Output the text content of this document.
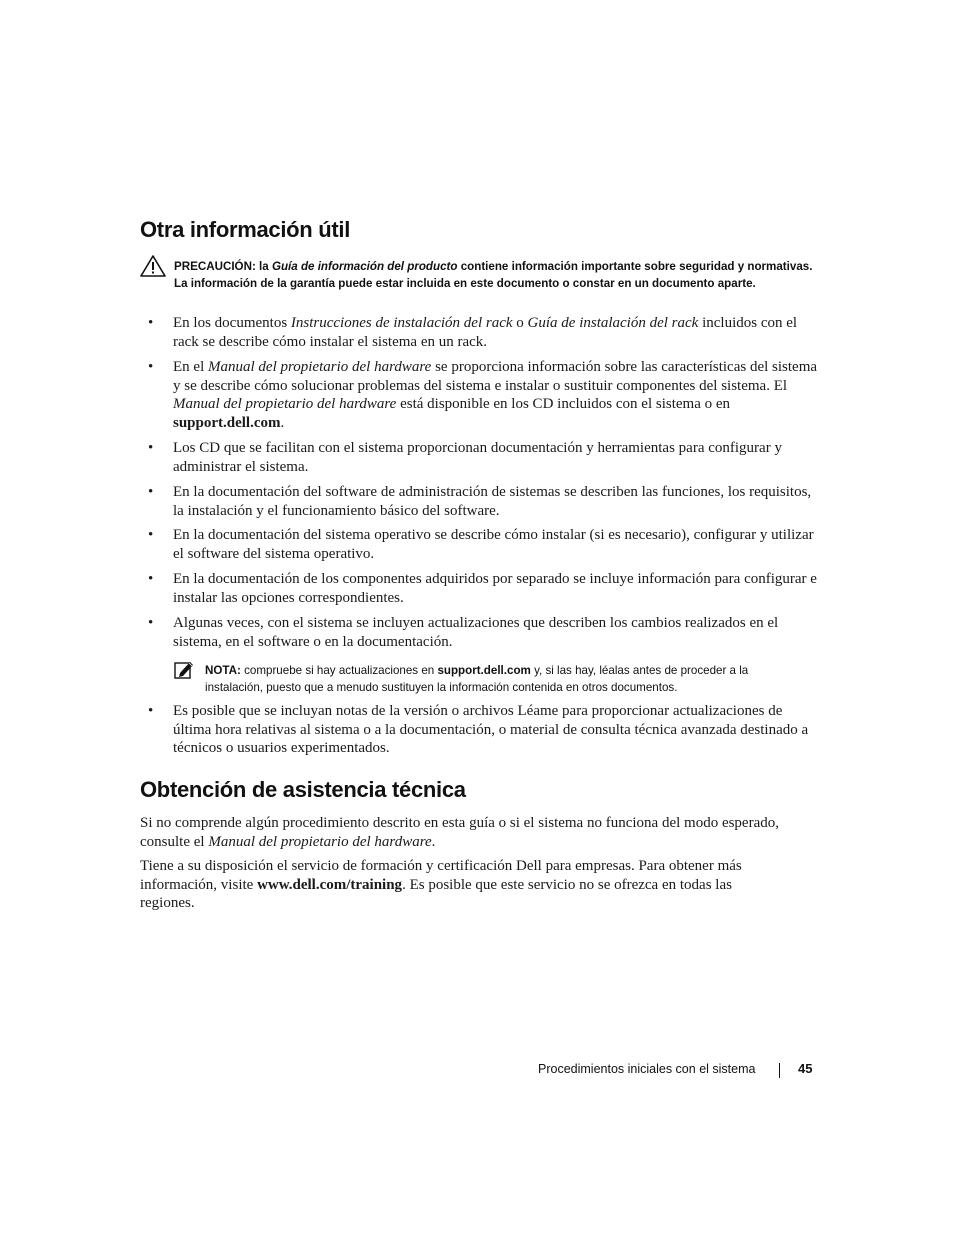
Otra información útil
PRECAUCIÓN: la Guía de información del producto contiene información importante sobre seguridad y normativas. La información de la garantía puede estar incluida en este documento o constar en un documento aparte.
•	En los documentos Instrucciones de instalación del rack o Guía de instalación del rack incluidos con el rack se describe cómo instalar el sistema en un rack.
•	En el Manual del propietario del hardware se proporciona información sobre las características del sistema y se describe cómo solucionar problemas del sistema e instalar o sustituir componentes del sistema. El Manual del propietario del hardware está disponible en los CD incluidos con el sistema o en support.dell.com.
•	Los CD que se facilitan con el sistema proporcionan documentación y herramientas para configurar y administrar el sistema.
•	En la documentación del software de administración de sistemas se describen las funciones, los requisitos, la instalación y el funcionamiento básico del software.
•	En la documentación del sistema operativo se describe cómo instalar (si es necesario), configurar y utilizar el software del sistema operativo.
•	En la documentación de los componentes adquiridos por separado se incluye información para configurar e instalar las opciones correspondientes.
•	Algunas veces, con el sistema se incluyen actualizaciones que describen los cambios realizados en el sistema, en el software o en la documentación.
NOTA: compruebe si hay actualizaciones en support.dell.com y, si las hay, léalas antes de proceder a la instalación, puesto que a menudo sustituyen la información contenida en otros documentos.
•	Es posible que se incluyan notas de la versión o archivos Léame para proporcionar actualizaciones de última hora relativas al sistema o a la documentación, o material de consulta técnica avanzada destinado a técnicos o usuarios experimentados.
Obtención de asistencia técnica
Si no comprende algún procedimiento descrito en esta guía o si el sistema no funciona del modo esperado, consulte el Manual del propietario del hardware.
Tiene a su disposición el servicio de formación y certificación Dell para empresas. Para obtener más información, visite www.dell.com/training. Es posible que este servicio no se ofrezca en todas las regiones.
Procedimientos iniciales con el sistema	45
